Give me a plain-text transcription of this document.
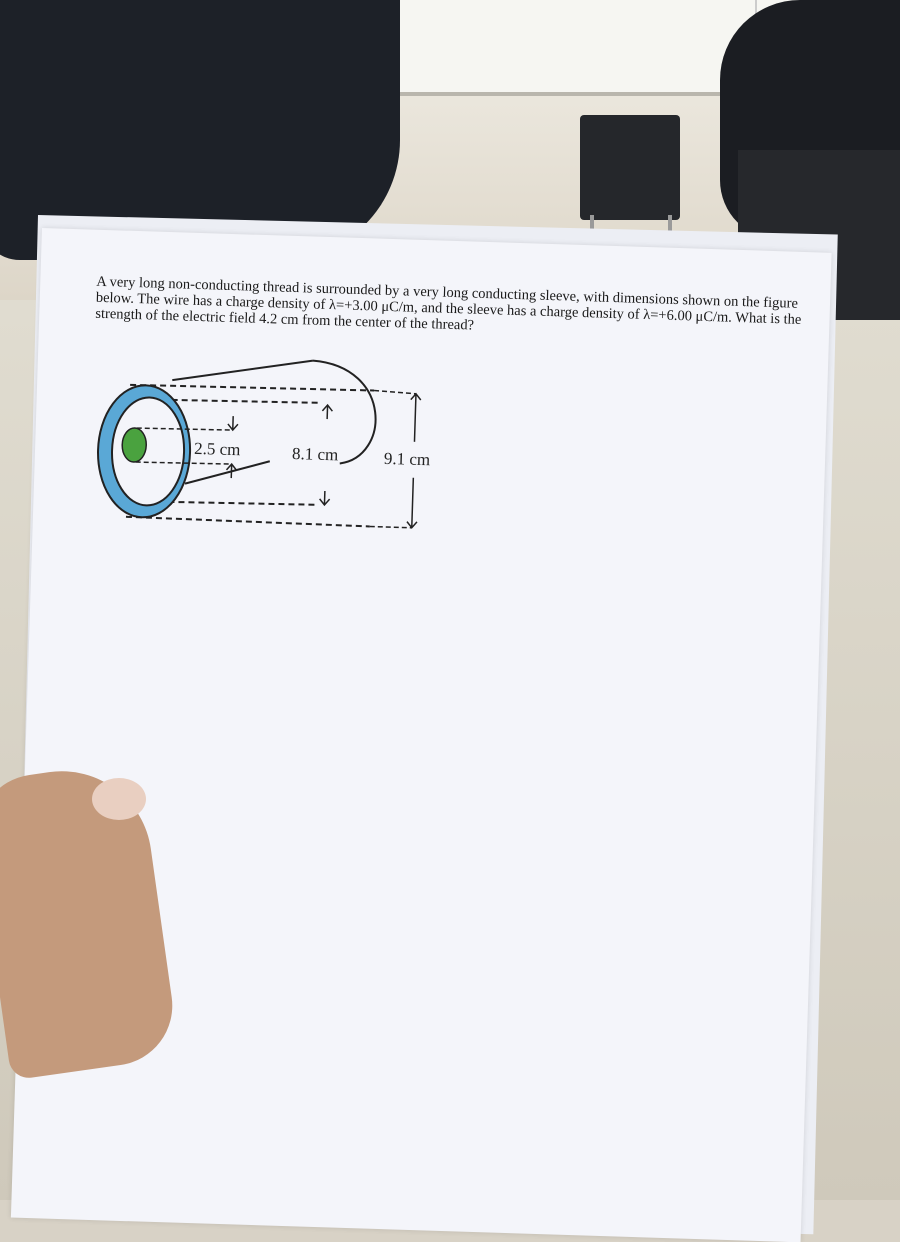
A very long non-conducting thread is surrounded by a very long conducting sleeve, with dimensions shown on the figure below. The wire has a charge density of λ=+3.00 μC/m, and the sleeve has a charge density of λ=+6.00 μC/m. What is the strength of the electric field 4.2 cm from the center of the thread?
2.5 cm	8.1 cm	9.1 cm
